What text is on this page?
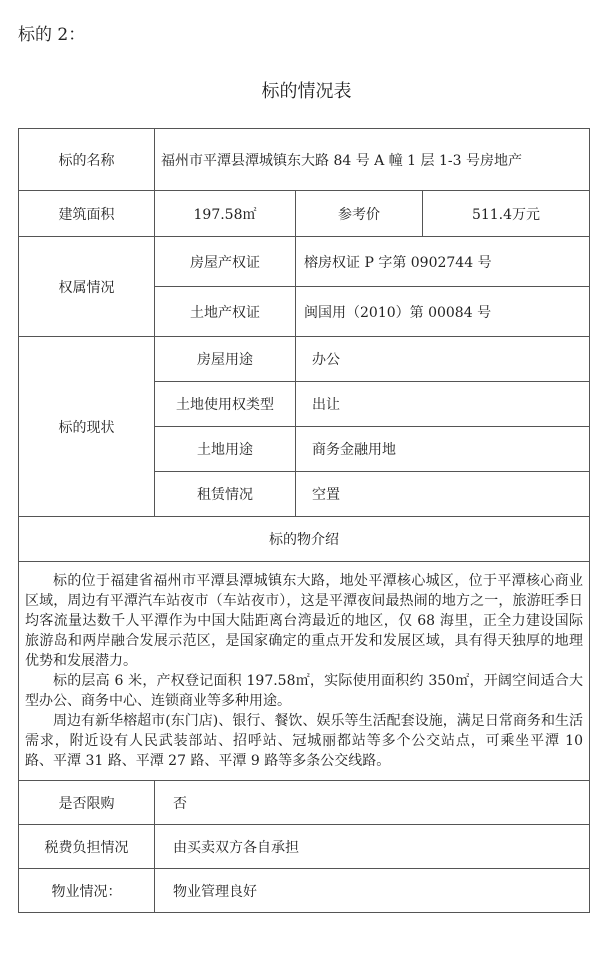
标的 2：
标的情况表
标的名称	福州市平潭县潭城镇东大路 84 号 A 幢 1 层 1-3 号房地产		
建筑面积	197.58㎡	参考价	511.4万元
权属情况	房屋产权证	榕房权证 P 字第 0902744 号	
	土地产权证	闽国用（2010）第 00084 号	
标的现状	房屋用途	办公	
	土地使用权类型	出让	
	土地用途	商务金融用地	
	租赁情况	空置	
标的物介绍			

标的位于福建省福州市平潭县潭城镇东大路，地处平潭核心城区，位于平潭核心商业区域，周边有平潭汽车站夜市（车站夜市），这是平潭夜间最热闹的地方之一，旅游旺季日均客流量达数千人平潭作为中国大陆距离台湾最近的地区，仅 68 海里，正全力建设国际旅游岛和两岸融合发展示范区，是国家确定的重点开发和发展区域，具有得天独厚的地理优势和发展潜力。

标的层高 6 米，产权登记面积 197.58㎡，实际使用面积约 350㎡，开阔空间适合大型办公、商务中心、连锁商业等多种用途。

周边有新华榕超市(东门店)、银行、餐饮、娱乐等生活配套设施，满足日常商务和生活需求，附近设有人民武装部站、招呼站、冠城丽都站等多个公交站点，可乘坐平潭 10 路、平潭 31 路、平潭 27 路、平潭 9 路等多条公交线路。			

是否限购	否		
税费负担情况	由买卖双方各自承担		
物业情况：	物业管理良好		
